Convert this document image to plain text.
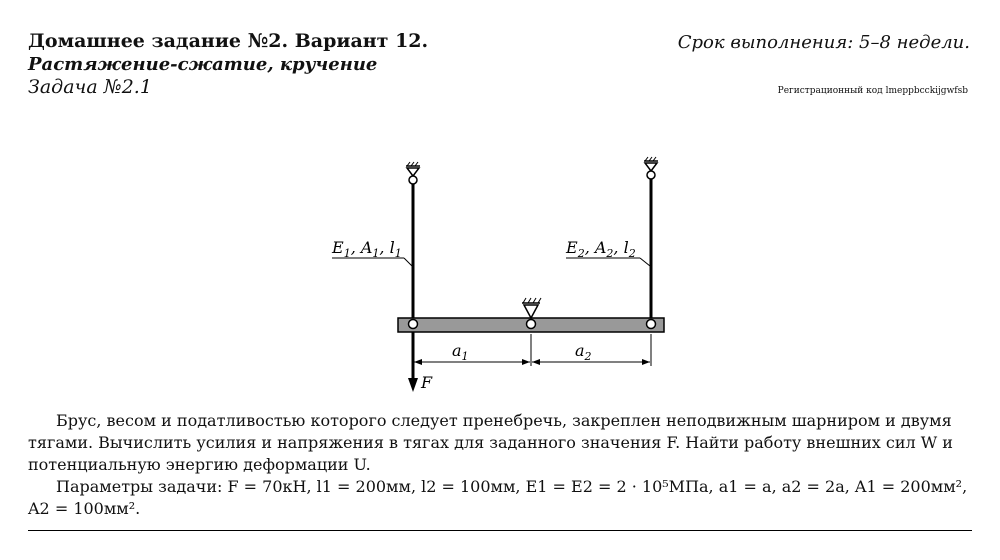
Домашнее задание №2. Вариант 12.	Срок выполнения: 5–8 недели.
Растяжение-сжатие, кручение
Задача №2.1	Регистрационный код lmeppbcckijgwfsb
$E_1$, $A_1$, $l_1$	$E_2$, $A_2$, $l_2$
$a_1$	$a_2$
F
Брус, весом и податливостью которого следует пренебречь, закреплен неподвижным шарниром и двумя
тягами. Вычислить усилия и напряжения в тягах для заданного значения F. Найти работу внешних сил W и
потенциальную энергию деформации U.
Параметры задачи: F = 70кН, l1 = 200мм, l2 = 100мм, E1 = E2 = 2 · 10⁵МПа, a1 = a, a2 = 2a, A1 = 200мм²,
A2 = 100мм².
